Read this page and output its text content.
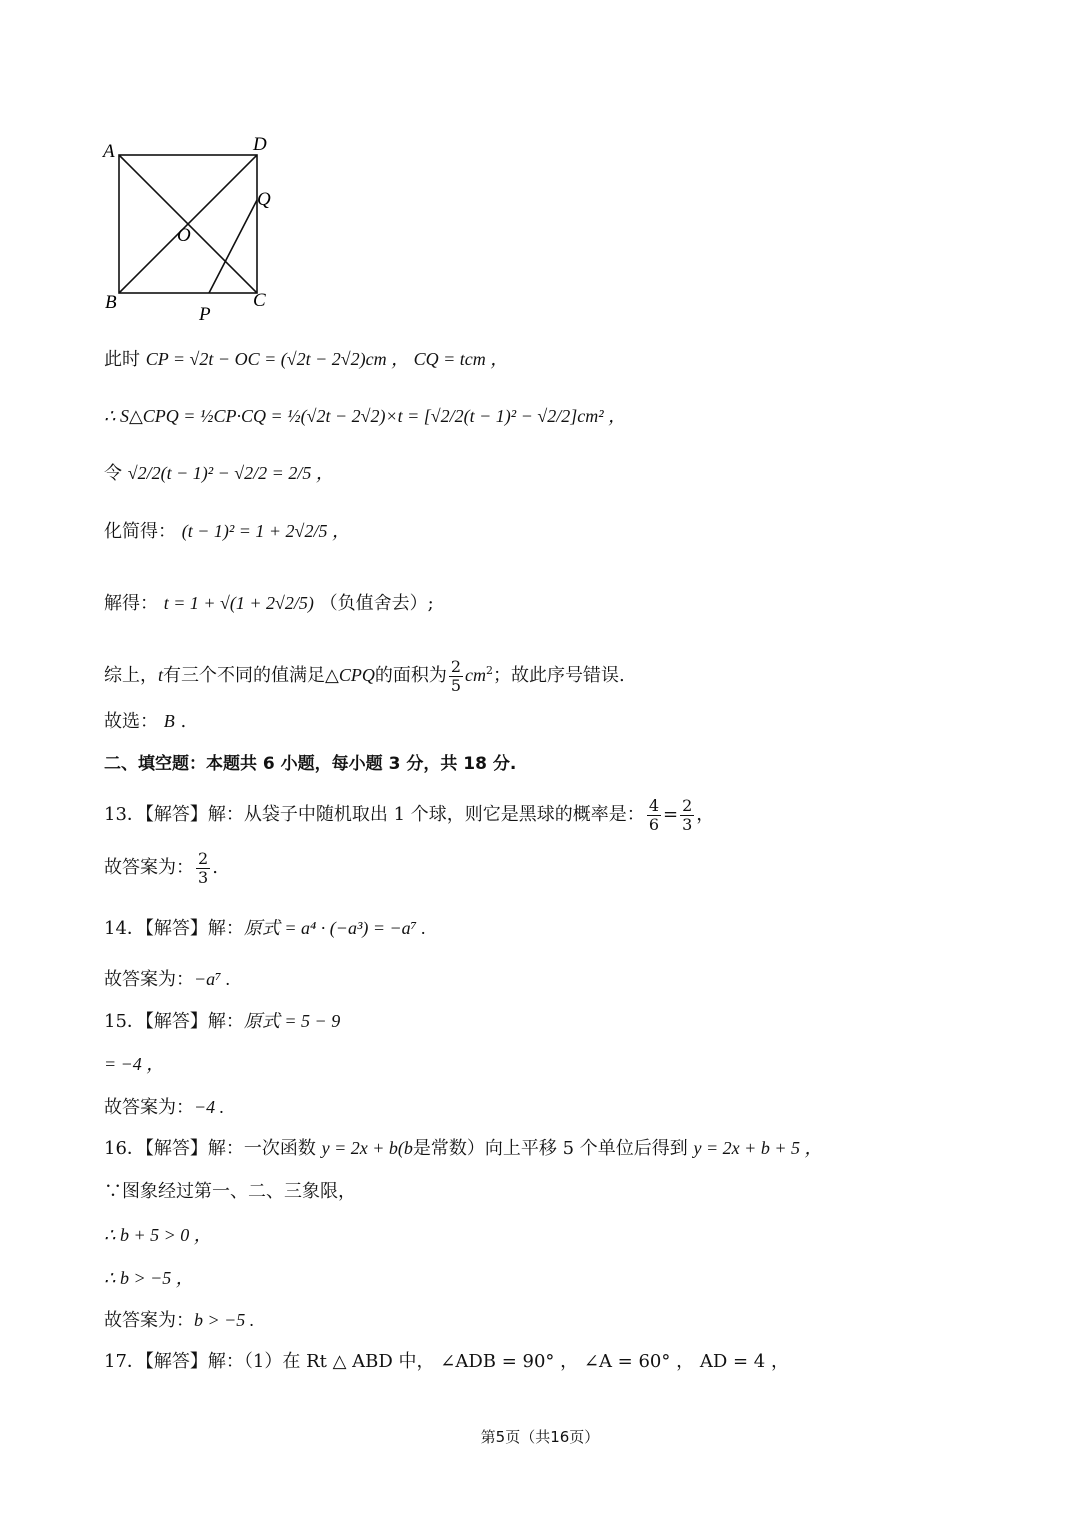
A	D
Q
O
B	C
P
此时 CP = √2t − OC = (√2t − 2√2)cm ， CQ = tcm ，
∴ S△CPQ = ½CP·CQ = ½(√2t − 2√2)×t = [√2/2(t − 1)² − √2/2]cm² ，
令 √2/2(t − 1)² − √2/2 = 2/5 ，
化简得： (t − 1)² = 1 + 2√2/5 ，
解得： t = 1 + √(1 + 2√2/5) （负值舍去）;
综上，t有三个不同的值满足△CPQ的面积为 $\frac{2}{5} cm^2$；故此序号错误.
故选： B .
二、填空题：本题共 6 小题，每小题 3 分，共 18 分.
13．【解答】解：从袋子中随机取出 1 个球，则它是黑球的概率是： $\frac{4}{6} = \frac{2}{3}$ ，
故答案为： $\frac{2}{3}$ .
14．【解答】解：原式 = a⁴ · (−a³) = −a⁷ .
故答案为：−a⁷ .
15．【解答】解：原式 = 5 − 9
= −4 ，
故答案为：−4 .
16．【解答】解：一次函数 y = 2x + b(b是常数）向上平移 5 个单位后得到 y = 2x + b + 5 ，
∵图象经过第一、二、三象限，
∴ b + 5 > 0 ，
∴ b > −5 ，
故答案为：b > −5 .
17．【解答】解：（1）在 Rt △ ABD 中， ∠ADB = 90° ， ∠A = 60° ， AD = 4 ，
第5页（共16页）
